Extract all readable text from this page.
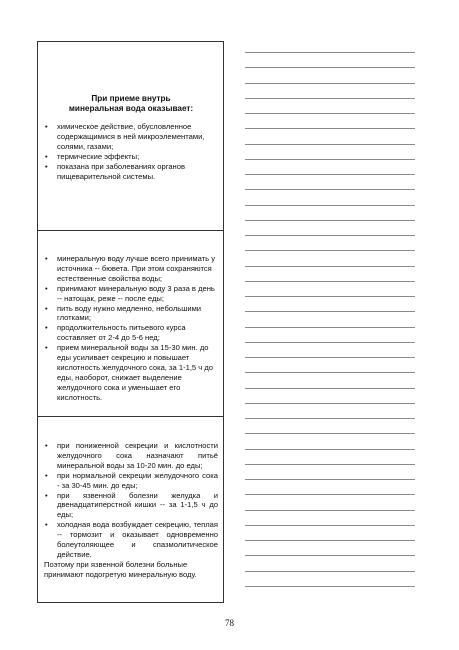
При приеме внутрь
минеральная вода оказывает:
• химическое действие, обусловленное содержащимися в ней микроэлементами, солями, газами;
• термические эффекты;
• показана при заболеваниях органов пищеварительной системы.
• минеральную воду лучше всего принимать у источника -- бювета. При этом сохраняются естественные свойства воды;
• принимают минеральную воду 3 раза в день -- натощак, реже -- после еды;
• пить воду нужно медленно, небольшими глотками;
• продолжительность питьевого курса составляет от 2-4 до 5-6 нед;
• прием минеральной воды за 15-30 мин. до еды усиливает секрецию и повышает кислотность желудочного сока, за 1-1,5 ч до еды, наоборот, снижает выделение желудочного сока и уменьшает его кислотность.
• при пониженной секреции и кислотности желудочного сока назначают питьё минеральной воды за 10-20 мин. до еды;
• при нормальной секреции желудочного сока - за 30-45 мин. до еды;
• при язвенной болезни желудка и двенадцатиперстной кишки -- за 1-1,5 ч до еды;
• холодная вода возбуждает секрецию, теплая -- тормозит и оказывает одновременно болеутоляющее и спазмолитическое действие.
Поэтому при язвенной болезни больные принимают подогретую минеральную воду.
78
